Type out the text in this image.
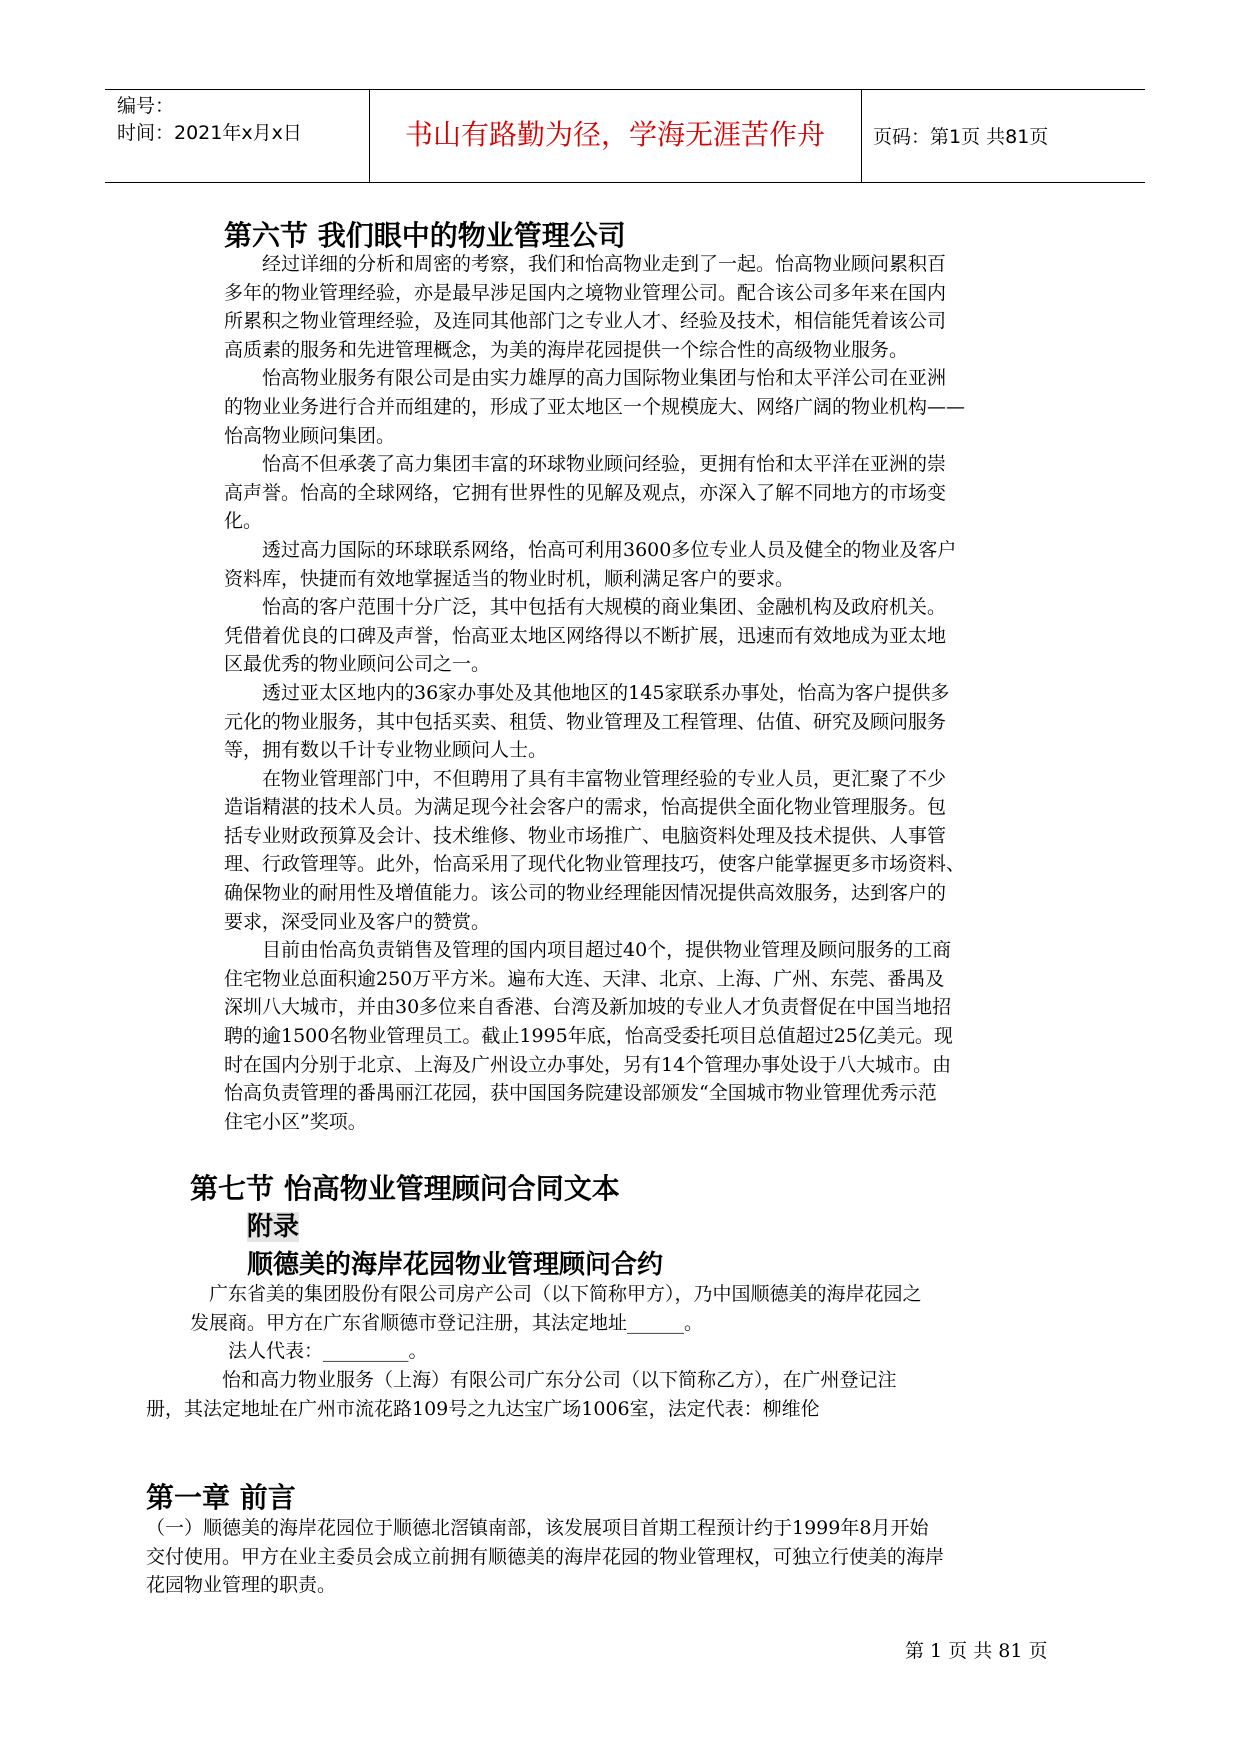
编号：
时间：2021年x月x日	书山有路勤为径，学海无涯苦作舟	页码：第1页 共81页
第六节 我们眼中的物业管理公司
　　经过详细的分析和周密的考察，我们和怡高物业走到了一起。怡高物业顾问累积百
多年的物业管理经验，亦是最早涉足国内之境物业管理公司。配合该公司多年来在国内
所累积之物业管理经验，及连同其他部门之专业人才、经验及技术，相信能凭着该公司
高质素的服务和先进管理概念，为美的海岸花园提供一个综合性的高级物业服务。
　　怡高物业服务有限公司是由实力雄厚的高力国际物业集团与怡和太平洋公司在亚洲
的物业业务进行合并而组建的，形成了亚太地区一个规模庞大、网络广阔的物业机构——
怡高物业顾问集团。
　　怡高不但承袭了高力集团丰富的环球物业顾问经验，更拥有怡和太平洋在亚洲的崇
高声誉。怡高的全球网络，它拥有世界性的见解及观点，亦深入了解不同地方的市场变
化。
　　透过高力国际的环球联系网络，怡高可利用3600多位专业人员及健全的物业及客户
资料库，快捷而有效地掌握适当的物业时机，顺利满足客户的要求。
　　怡高的客户范围十分广泛，其中包括有大规模的商业集团、金融机构及政府机关。
凭借着优良的口碑及声誉，怡高亚太地区网络得以不断扩展，迅速而有效地成为亚太地
区最优秀的物业顾问公司之一。
　　透过亚太区地内的36家办事处及其他地区的145家联系办事处，怡高为客户提供多
元化的物业服务，其中包括买卖、租赁、物业管理及工程管理、估值、研究及顾问服务
等，拥有数以千计专业物业顾问人士。
　　在物业管理部门中，不但聘用了具有丰富物业管理经验的专业人员，更汇聚了不少
造诣精湛的技术人员。为满足现今社会客户的需求，怡高提供全面化物业管理服务。包
括专业财政预算及会计、技术维修、物业市场推广、电脑资料处理及技术提供、人事管
理、行政管理等。此外，怡高采用了现代化物业管理技巧，使客户能掌握更多市场资料、
确保物业的耐用性及增值能力。该公司的物业经理能因情况提供高效服务，达到客户的
要求，深受同业及客户的赞赏。
　　目前由怡高负责销售及管理的国内项目超过40个，提供物业管理及顾问服务的工商
住宅物业总面积逾250万平方米。遍布大连、天津、北京、上海、广州、东莞、番禺及
深圳八大城市，并由30多位来自香港、台湾及新加坡的专业人才负责督促在中国当地招
聘的逾1500名物业管理员工。截止1995年底，怡高受委托项目总值超过25亿美元。现
时在国内分别于北京、上海及广州设立办事处，另有14个管理办事处设于八大城市。由
怡高负责管理的番禺丽江花园，获中国国务院建设部颁发“全国城市物业管理优秀示范
住宅小区”奖项。
第七节 怡高物业管理顾问合同文本
附录
顺德美的海岸花园物业管理顾问合约
　广东省美的集团股份有限公司房产公司（以下简称甲方），乃中国顺德美的海岸花园之
发展商。甲方在广东省顺德市登记注册，其法定地址______。
　　法人代表：_________。
　　　　怡和高力物业服务（上海）有限公司广东分公司（以下简称乙方），在广州登记注
册，其法定地址在广州市流花路109号之九达宝广场1006室，法定代表：柳维伦
第一章 前言
（一）顺德美的海岸花园位于顺德北滘镇南部，该发展项目首期工程预计约于1999年8月开始
交付使用。甲方在业主委员会成立前拥有顺德美的海岸花园的物业管理权，可独立行使美的海岸
花园物业管理的职责。
第 1 页 共 81 页
